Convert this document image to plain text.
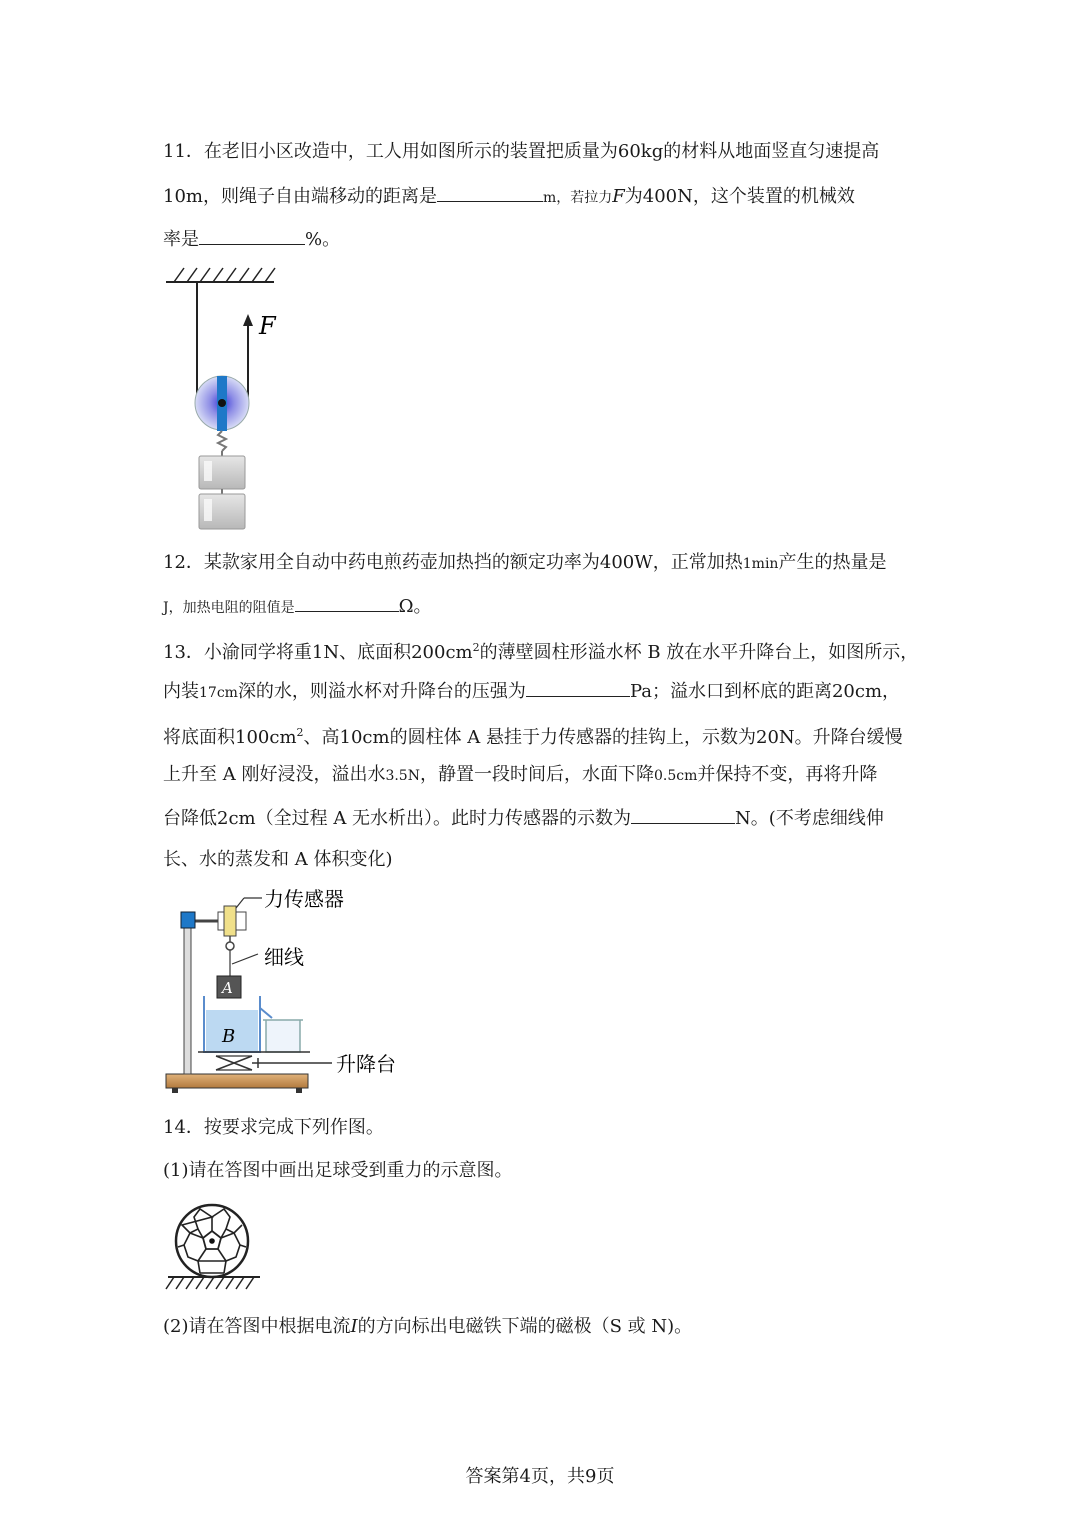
11．在老旧小区改造中，工人用如图所示的装置把质量为60kg的材料从地面竖直匀速提高
10m，则绳子自由端移动的距离是	m，若拉力F为400N，这个装置的机械效
率是	%。
F
12．某款家用全自动中药电煎药壶加热挡的额定功率为400W，正常加热1min产生的热量是
J，加热电阻的阻值是	Ω。
13．小渝同学将重1N、底面积$200cm^2$的薄壁圆柱形溢水杯 B 放在水平升降台上，如图所示，
内装17cm深的水，则溢水杯对升降台的压强为	Pa；溢水口到杯底的距离20cm，
将底面积$100cm^2$、高10cm的圆柱体 A 悬挂于力传感器的挂钩上，示数为20N。升降台缓慢
上升至 A 刚好浸没，溢出水3.5N，静置一段时间后，水面下降0.5cm并保持不变，再将升降
台降低2cm（全过程 A 无水析出）。此时力传感器的示数为	N。(不考虑细线伸
长、水的蒸发和 A 体积变化)
力传感器
细线
A
B
升降台
14．按要求完成下列作图。
(1)请在答图中画出足球受到重力的示意图。
(2)请在答图中根据电流I的方向标出电磁铁下端的磁极（S 或 N)。
答案第4页，共9页
